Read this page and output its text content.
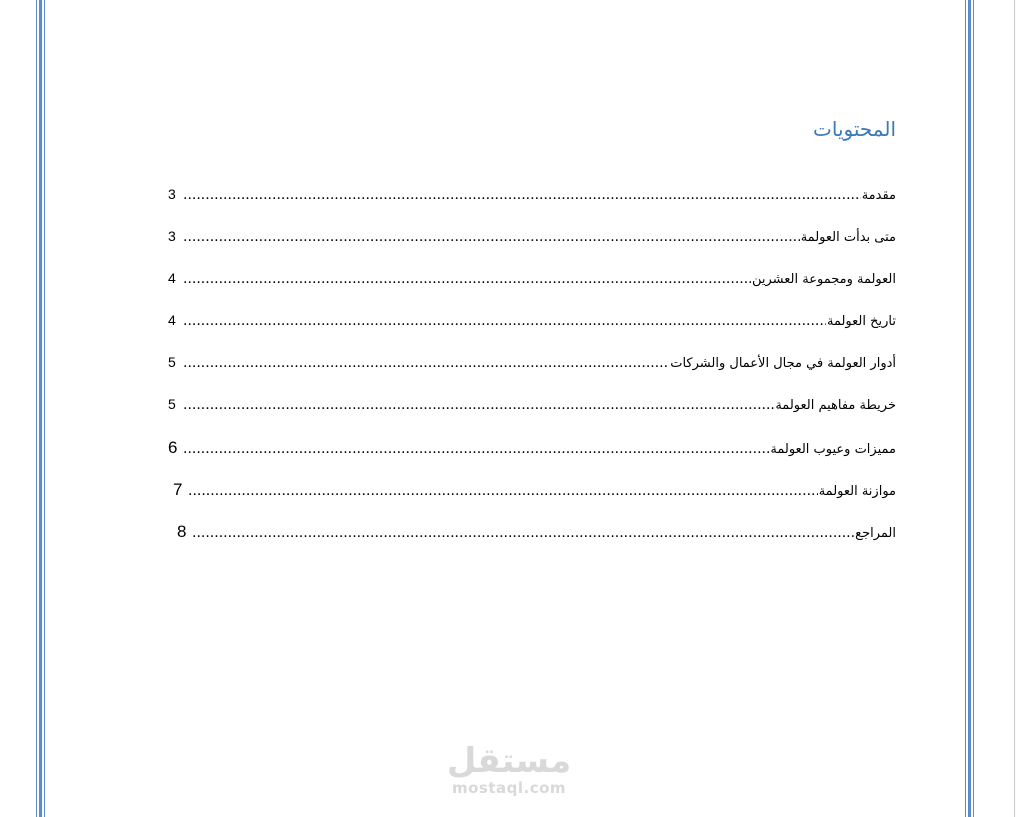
المحتويات
3 .....	مقدمة
3 .....	متى بدأت العولمة
4 .....	العولمة ومجموعة العشرين
4 .....	تاريخ العولمة
5 .....	أدوار العولمة في مجال الأعمال والشركات
5 .....	خريطة مفاهيم العولمة
6 .....	مميزات وعيوب العولمة
7 .....	موازنة العولمة
8 .....	المراجع
مستقل
mostaql.com
